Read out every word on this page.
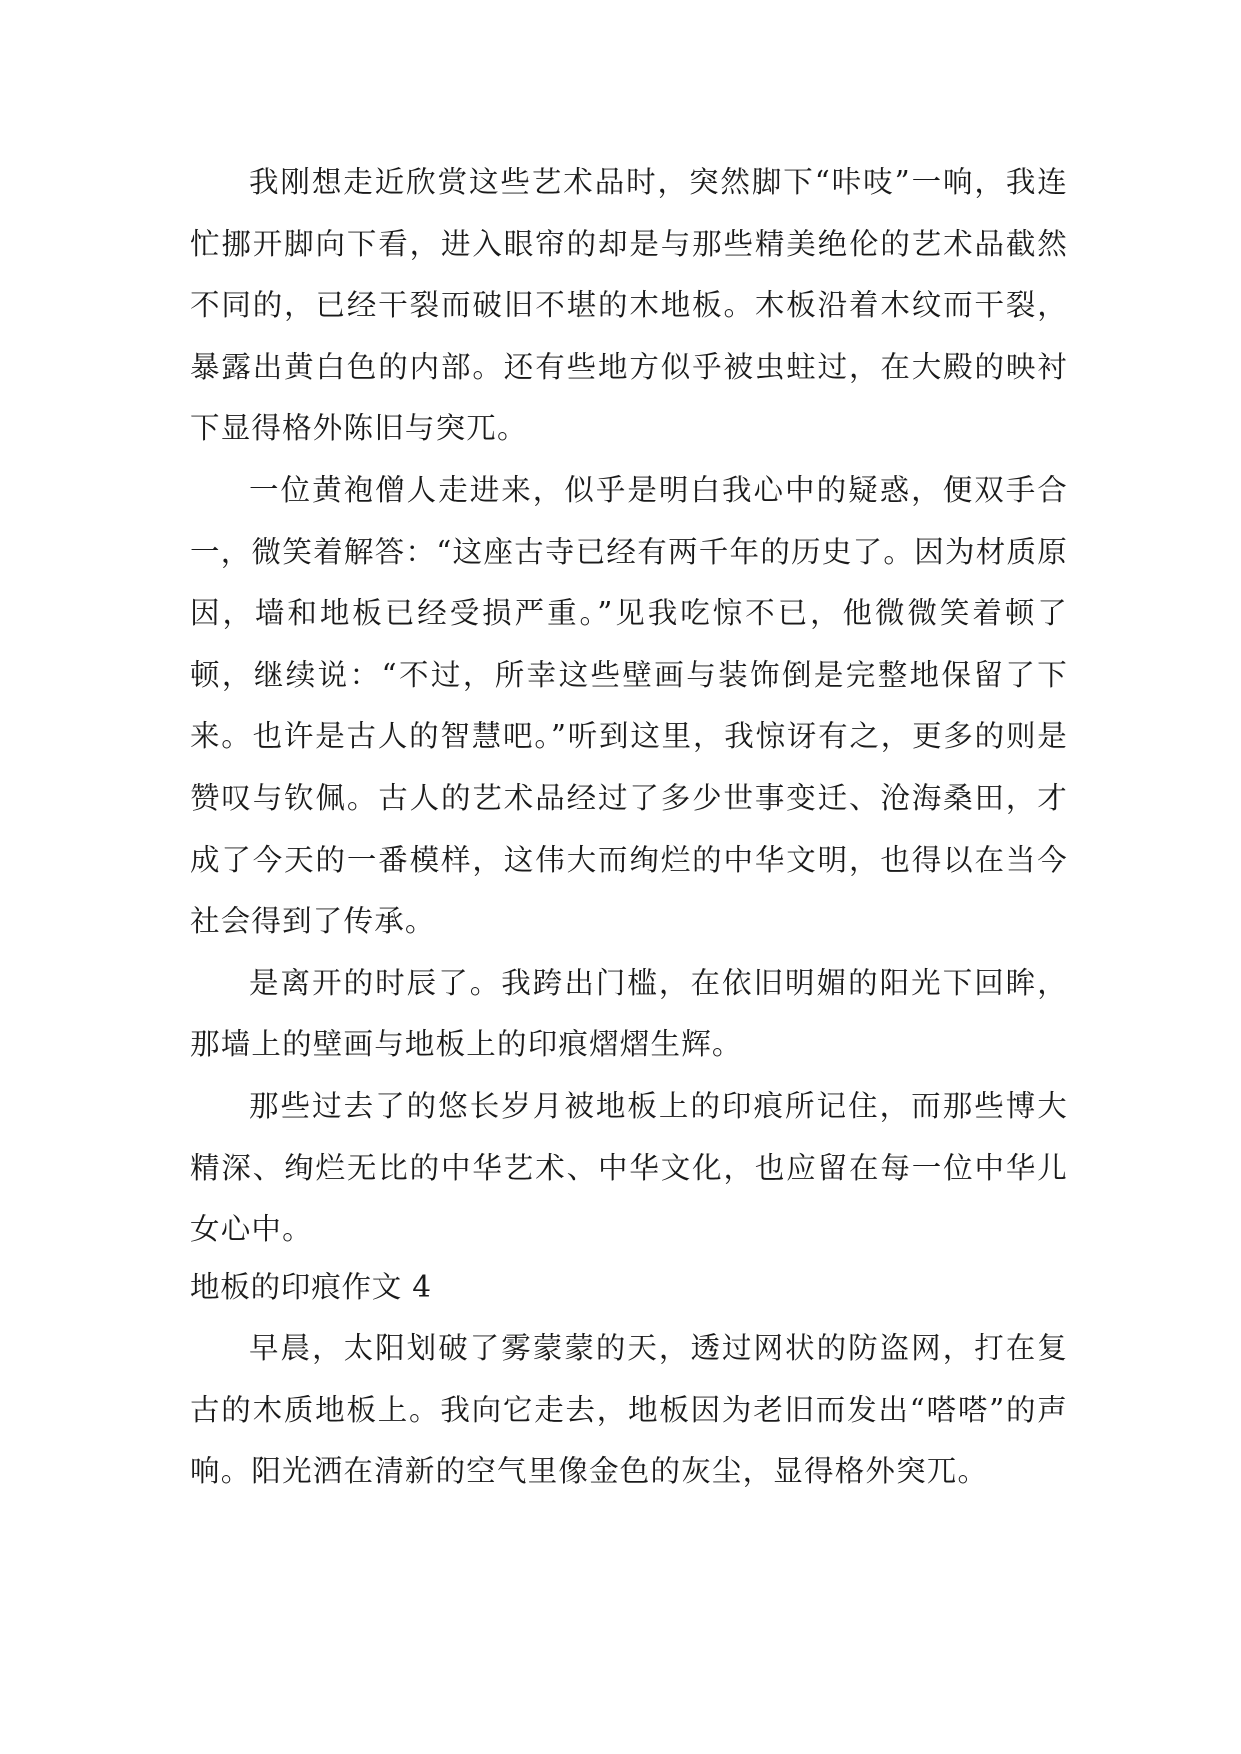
我刚想走近欣赏这些艺术品时，突然脚下“咔吱”一响，我连忙挪开脚向下看，进入眼帘的却是与那些精美绝伦的艺术品截然不同的，已经干裂而破旧不堪的木地板。木板沿着木纹而干裂，暴露出黄白色的内部。还有些地方似乎被虫蛀过，在大殿的映衬下显得格外陈旧与突兀。

一位黄袍僧人走进来，似乎是明白我心中的疑惑，便双手合一，微笑着解答：“这座古寺已经有两千年的历史了。因为材质原因，墙和地板已经受损严重。”见我吃惊不已，他微微笑着顿了顿，继续说：“不过，所幸这些壁画与装饰倒是完整地保留了下来。也许是古人的智慧吧。”听到这里，我惊讶有之，更多的则是赞叹与钦佩。古人的艺术品经过了多少世事变迁、沧海桑田，才成了今天的一番模样，这伟大而绚烂的中华文明，也得以在当今社会得到了传承。

是离开的时辰了。我跨出门槛，在依旧明媚的阳光下回眸，那墙上的壁画与地板上的印痕熠熠生辉。

那些过去了的悠长岁月被地板上的印痕所记住，而那些博大精深、绚烂无比的中华艺术、中华文化，也应留在每一位中华儿女心中。

地板的印痕作文 4

早晨，太阳划破了雾蒙蒙的天，透过网状的防盗网，打在复古的木质地板上。我向它走去，地板因为老旧而发出“嗒嗒”的声响。阳光洒在清新的空气里像金色的灰尘，显得格外突兀。
